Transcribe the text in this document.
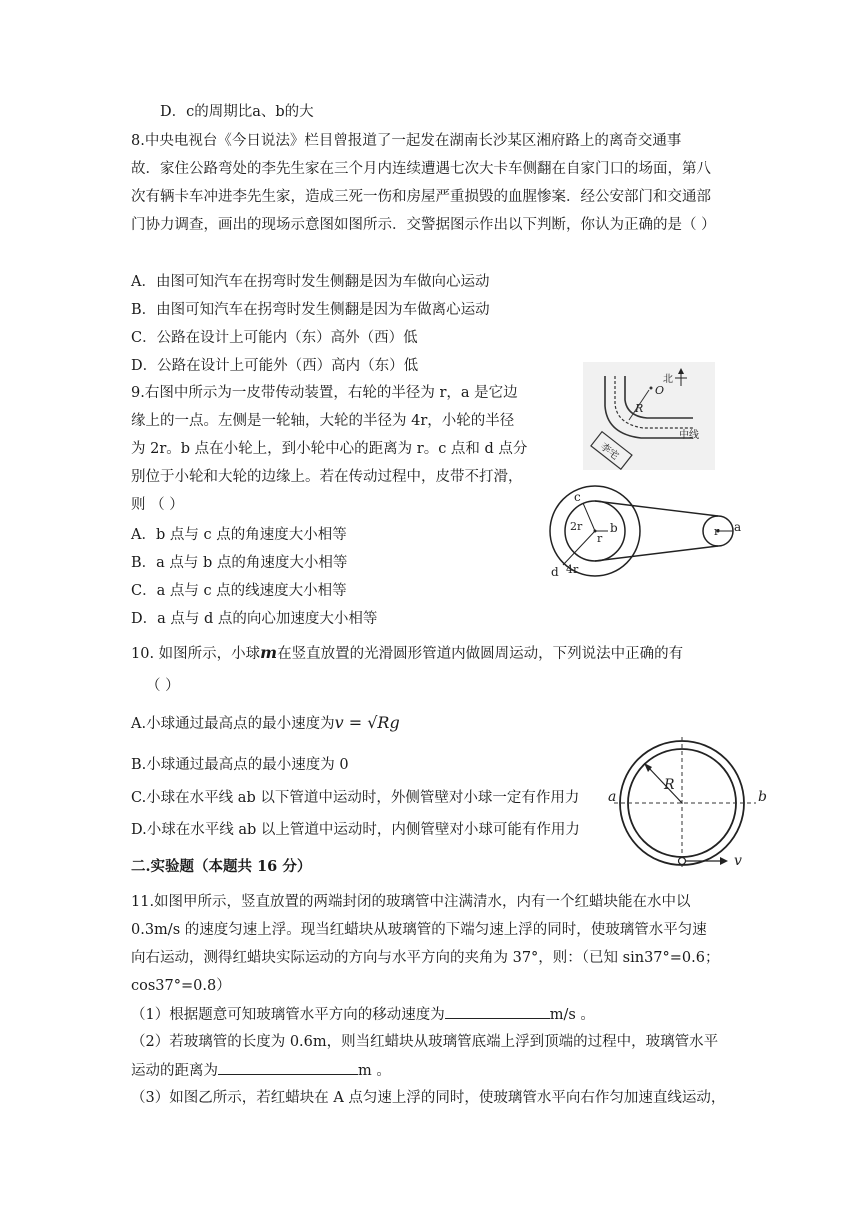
D．c的周期比a、b的大
8.中央电视台《今日说法》栏目曾报道了一起发在湖南长沙某区湘府路上的离奇交通事
故．家住公路弯处的李先生家在三个月内连续遭遇七次大卡车侧翻在自家门口的场面，第八
次有辆卡车冲进李先生家，造成三死一伤和房屋严重损毁的血腥惨案．经公安部门和交通部
门协力调查，画出的现场示意图如图所示．交警据图示作出以下判断，你认为正确的是（ ）
A．由图可知汽车在拐弯时发生侧翻是因为车做向心运动
B．由图可知汽车在拐弯时发生侧翻是因为车做离心运动
C．公路在设计上可能内（东）高外（西）低
D．公路在设计上可能外（西）高内（东）低
R
O
北
中线
李宅
9.右图中所示为一皮带传动装置，右轮的半径为 r，a 是它边
缘上的一点。左侧是一轮轴，大轮的半径为 4r，小轮的半径
为 2r。b 点在小轮上，到小轮中心的距离为 r。c 点和 d 点分
别位于小轮和大轮的边缘上。若在传动过程中，皮带不打滑，
则 （ ）
A．b 点与 c 点的角速度大小相等
B．a 点与 b 点的角速度大小相等
C．a 点与 c 点的线速度大小相等
D．a 点与 d 点的向心加速度大小相等
c
2r
r
b
d 4r
r a
10. 如图所示，小球m在竖直放置的光滑圆形管道内做圆周运动，下列说法中正确的有
（ ）
A.小球通过最高点的最小速度为v = √Rg
B.小球通过最高点的最小速度为 0
C.小球在水平线 ab 以下管道中运动时，外侧管壁对小球一定有作用力
D.小球在水平线 ab 以上管道中运动时，内侧管壁对小球可能有作用力
R
a	b
v
二.实验题（本题共 16 分）
11.如图甲所示，竖直放置的两端封闭的玻璃管中注满清水，内有一个红蜡块能在水中以
0.3m/s 的速度匀速上浮。现当红蜡块从玻璃管的下端匀速上浮的同时，使玻璃管水平匀速
向右运动，测得红蜡块实际运动的方向与水平方向的夹角为 37°，则：（已知 sin37°=0.6；
cos37°=0.8）
（1）根据题意可知玻璃管水平方向的移动速度为	m/s 。
（2）若玻璃管的长度为 0.6m，则当红蜡块从玻璃管底端上浮到顶端的过程中，玻璃管水平
运动的距离为	m 。
（3）如图乙所示，若红蜡块在 A 点匀速上浮的同时，使玻璃管水平向右作匀加速直线运动，
